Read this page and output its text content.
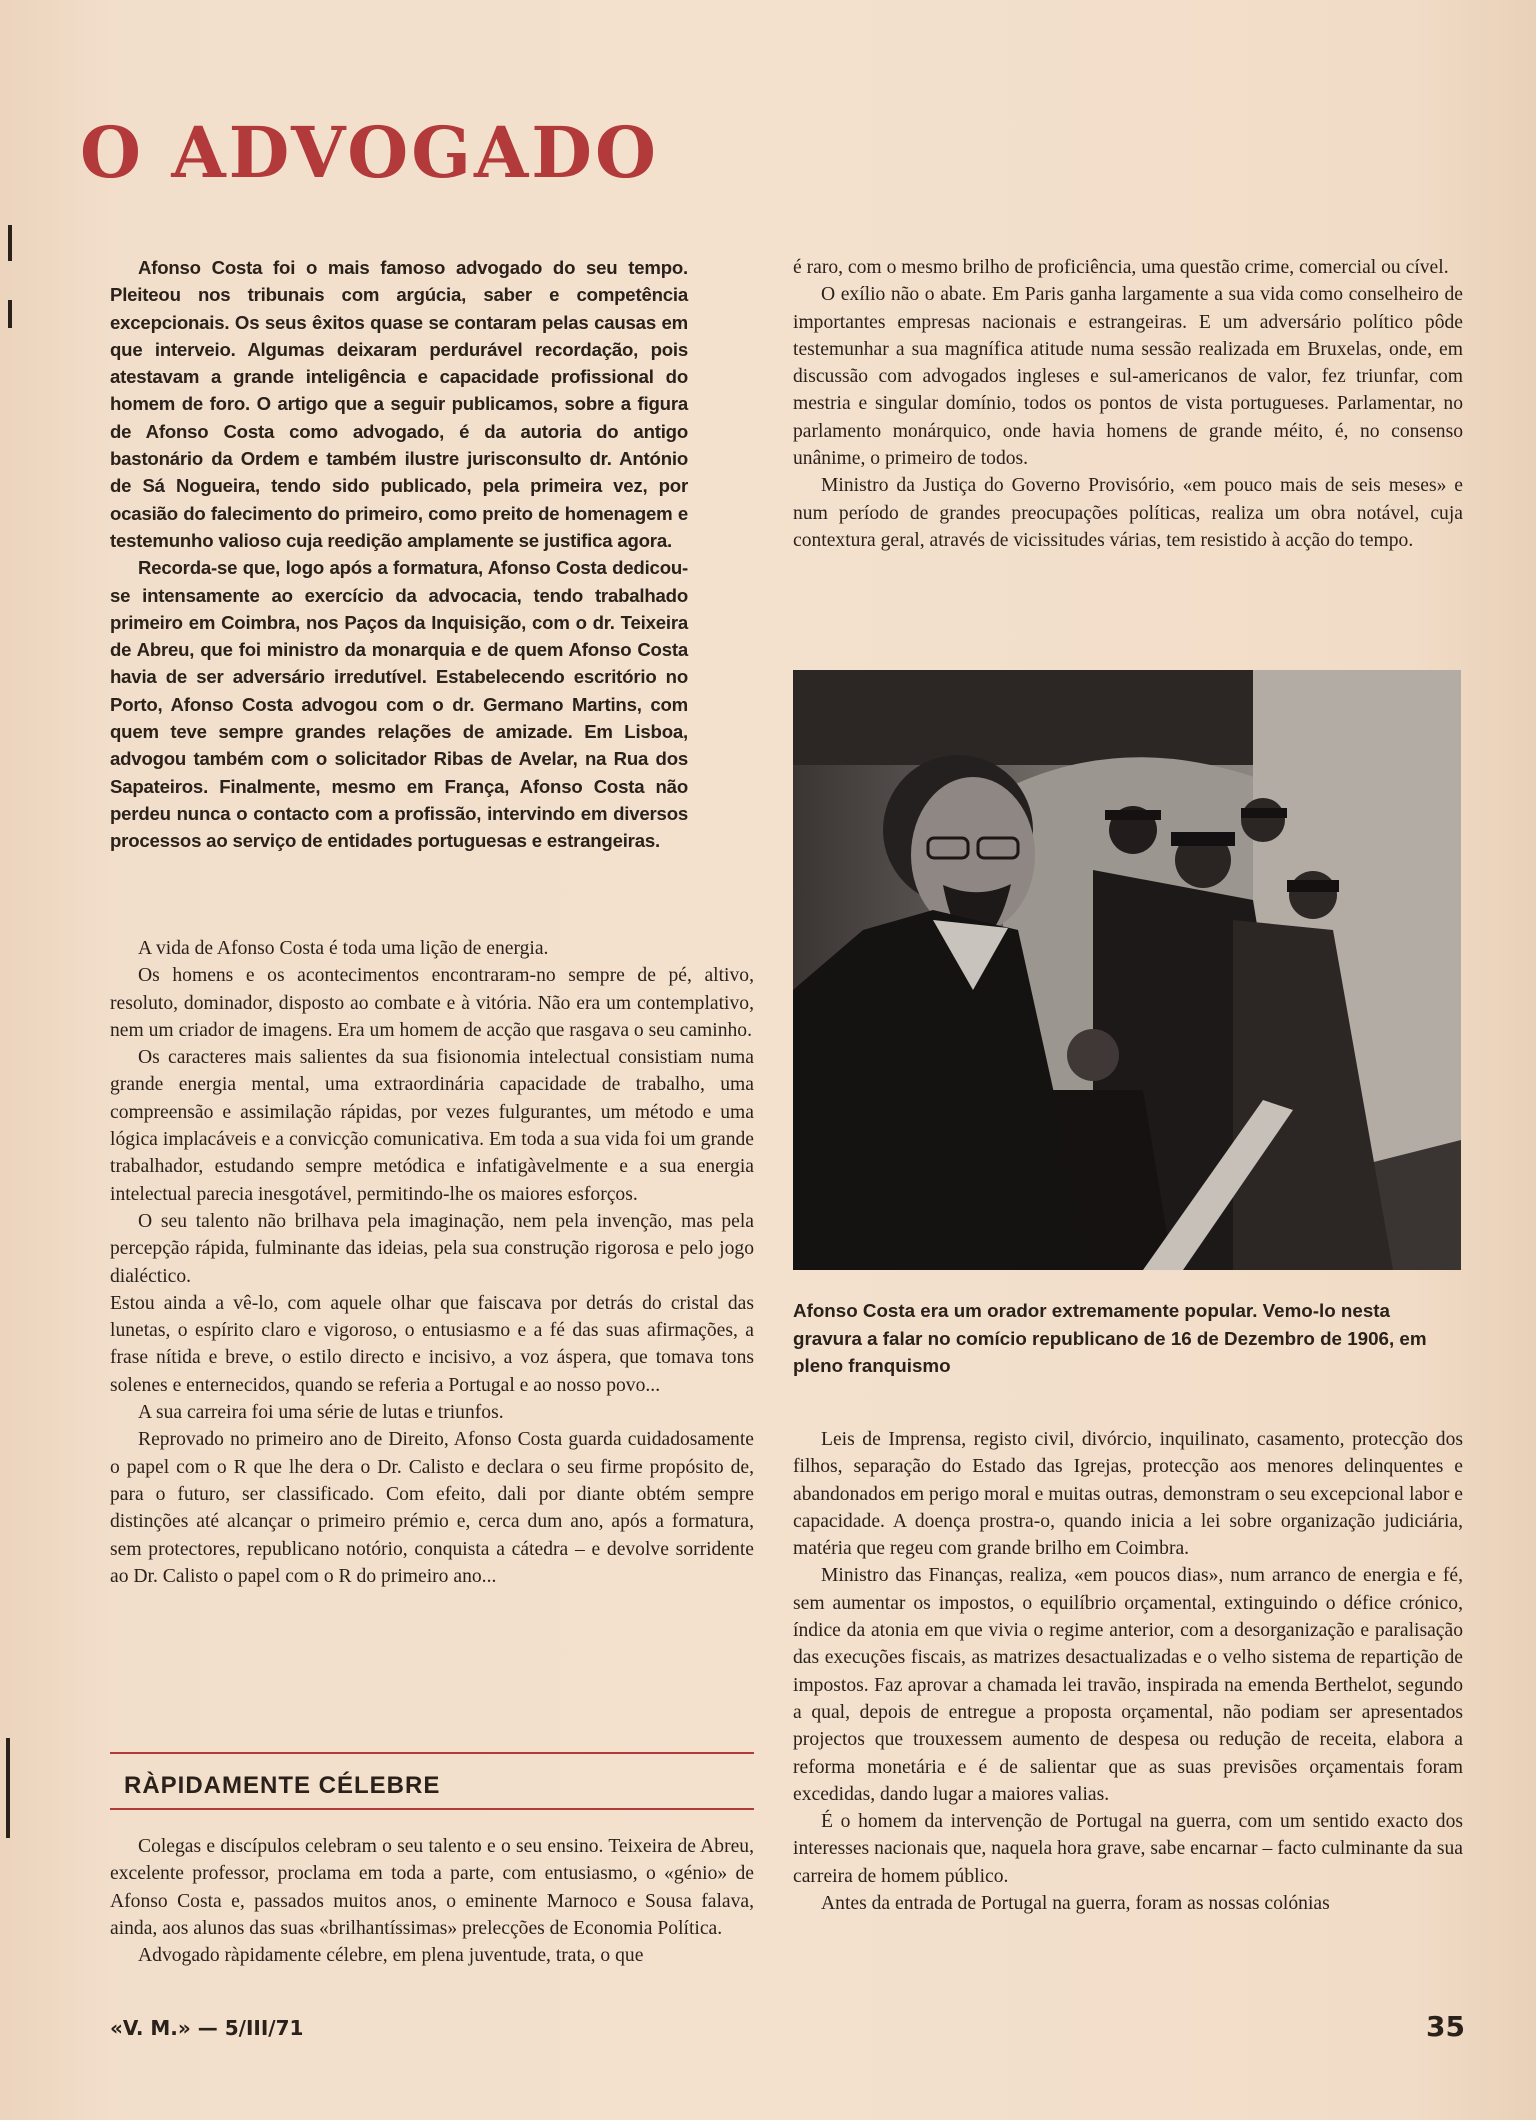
O ADVOGADO

Afonso Costa foi o mais famoso advogado do seu tempo. Pleiteou nos tribunais com argúcia, saber e competência excepcionais. Os seus êxitos quase se contaram pelas causas em que interveio. Algumas deixaram perdurável recordação, pois atestavam a grande inteligência e capacidade profissional do homem de foro. O artigo que a seguir publicamos, sobre a figura de Afonso Costa como advogado, é da autoria do antigo bastonário da Ordem e também ilustre jurisconsulto dr. António de Sá Nogueira, tendo sido publicado, pela primeira vez, por ocasião do falecimento do primeiro, como preito de homenagem e testemunho valioso cuja reedição amplamente se justifica agora.

Recorda-se que, logo após a formatura, Afonso Costa dedicou-se intensamente ao exercício da advocacia, tendo trabalhado primeiro em Coimbra, nos Paços da Inquisição, com o dr. Teixeira de Abreu, que foi ministro da monarquia e de quem Afonso Costa havia de ser adversário irredutível. Estabelecendo escritório no Porto, Afonso Costa advogou com o dr. Germano Martins, com quem teve sempre grandes relações de amizade. Em Lisboa, advogou também com o solicitador Ribas de Avelar, na Rua dos Sapateiros. Finalmente, mesmo em França, Afonso Costa não perdeu nunca o contacto com a profissão, intervindo em diversos processos ao serviço de entidades portuguesas e estrangeiras.

A vida de Afonso Costa é toda uma lição de energia.

Os homens e os acontecimentos encontraram-no sempre de pé, altivo, resoluto, dominador, disposto ao combate e à vitória. Não era um contemplativo, nem um criador de imagens. Era um homem de acção que rasgava o seu caminho.

Os caracteres mais salientes da sua fisionomia intelectual consistiam numa grande energia mental, uma extraordinária capacidade de trabalho, uma compreensão e assimilação rápidas, por vezes fulgurantes, um método e uma lógica implacáveis e a convicção comunicativa. Em toda a sua vida foi um grande trabalhador, estudando sempre metódica e infatigàvelmente e a sua energia intelectual parecia inesgotável, permitindo-lhe os maiores esforços.

O seu talento não brilhava pela imaginação, nem pela invenção, mas pela percepção rápida, fulminante das ideias, pela sua construção rigorosa e pelo jogo dialéctico.

Estou ainda a vê-lo, com aquele olhar que faiscava por detrás do cristal das lunetas, o espírito claro e vigoroso, o entusiasmo e a fé das suas afirmações, a frase nítida e breve, o estilo directo e incisivo, a voz áspera, que tomava tons solenes e enternecidos, quando se referia a Portugal e ao nosso povo...

A sua carreira foi uma série de lutas e triunfos.

Reprovado no primeiro ano de Direito, Afonso Costa guarda cuidadosamente o papel com o R que lhe dera o Dr. Calisto e declara o seu firme propósito de, para o futuro, ser classificado. Com efeito, dali por diante obtém sempre distinções até alcançar o primeiro prémio e, cerca dum ano, após a formatura, sem protectores, republicano notório, conquista a cátedra – e devolve sorridente ao Dr. Calisto o papel com o R do primeiro ano...

RÀPIDAMENTE CÉLEBRE

Colegas e discípulos celebram o seu talento e o seu ensino. Teixeira de Abreu, excelente professor, proclama em toda a parte, com entusiasmo, o «génio» de Afonso Costa e, passados muitos anos, o eminente Marnoco e Sousa falava, ainda, aos alunos das suas «brilhantíssimas» prelecções de Economia Política.

Advogado ràpidamente célebre, em plena juventude, trata, o que

é raro, com o mesmo brilho de proficiência, uma questão crime, comercial ou cível.

O exílio não o abate. Em Paris ganha largamente a sua vida como conselheiro de importantes empresas nacionais e estrangeiras. E um adversário político pôde testemunhar a sua magnífica atitude numa sessão realizada em Bruxelas, onde, em discussão com advogados ingleses e sul-americanos de valor, fez triunfar, com mestria e singular domínio, todos os pontos de vista portugueses. Parlamentar, no parlamento monárquico, onde havia homens de grande méito, é, no consenso unânime, o primeiro de todos.

Ministro da Justiça do Governo Provisório, «em pouco mais de seis meses» e num período de grandes preocupações políticas, realiza um obra notável, cuja contextura geral, através de vicissitudes várias, tem resistido à acção do tempo.

Afonso Costa era um orador extremamente popular. Vemo-lo nesta gravura a falar no comício republicano de 16 de Dezembro de 1906, em pleno franquismo

Leis de Imprensa, registo civil, divórcio, inquilinato, casamento, protecção dos filhos, separação do Estado das Igrejas, protecção aos menores delinquentes e abandonados em perigo moral e muitas outras, demonstram o seu excepcional labor e capacidade. A doença prostra-o, quando inicia a lei sobre organização judiciária, matéria que regeu com grande brilho em Coimbra.

Ministro das Finanças, realiza, «em poucos dias», num arranco de energia e fé, sem aumentar os impostos, o equilíbrio orçamental, extinguindo o défice crónico, índice da atonia em que vivia o regime anterior, com a desorganização e paralisação das execuções fiscais, as matrizes desactualizadas e o velho sistema de repartição de impostos. Faz aprovar a chamada lei travão, inspirada na emenda Berthelot, segundo a qual, depois de entregue a proposta orçamental, não podiam ser apresentados projectos que trouxessem aumento de despesa ou redução de receita, elabora a reforma monetária e é de salientar que as suas previsões orçamentais foram excedidas, dando lugar a maiores valias.

É o homem da intervenção de Portugal na guerra, com um sentido exacto dos interesses nacionais que, naquela hora grave, sabe encarnar – facto culminante da sua carreira de homem público.

Antes da entrada de Portugal na guerra, foram as nossas colónias

«V. M.» — 5/III/71	35
